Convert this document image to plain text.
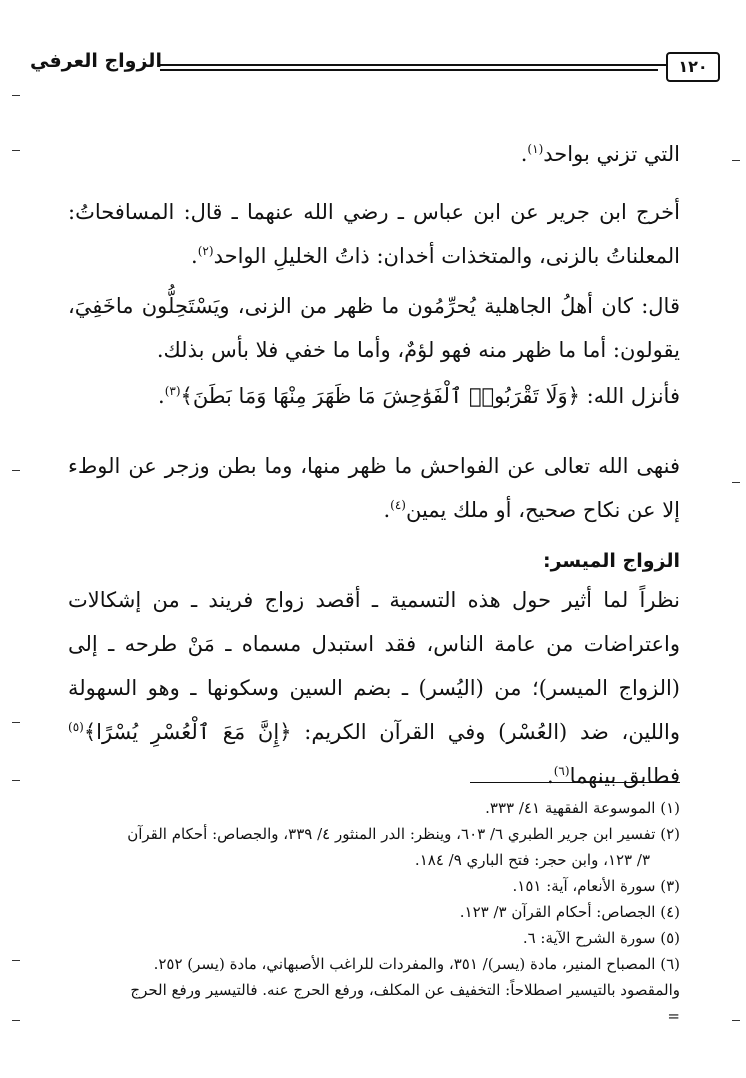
١٢٠
الزواج العرفي

التي تزني بواحد$^{(١)}$.

أخرج ابن جرير عن ابن عباس ـ رضي الله عنهما ـ قال: المسافحاتُ: المعلناتُ بالزنى، والمتخذات أخدان: ذاتُ الخليلِ الواحد$^{(٢)}$.

قال: كان أهلُ الجاهلية يُحرِّمُون ما ظهر من الزنى، ويَسْتَحِلُّون ماخَفِيَ، يقولون: أما ما ظهر منه فهو لؤمٌ، وأما ما خفي فلا بأس بذلك.

فأنزل الله: ﴿وَلَا تَقْرَبُوا۟ ٱلْفَوَٰحِشَ مَا ظَهَرَ مِنْهَا وَمَا بَطَنَ﴾$^{(٣)}$.

فنهى الله تعالى عن الفواحش ما ظهر منها، وما بطن وزجر عن الوطء إلا عن نكاح صحيح، أو ملك يمين$^{(٤)}$.

الزواج الميسر:

نظراً لما أثير حول هذه التسمية ـ أقصد زواج فريند ـ من إشكالات واعتراضات من عامة الناس، فقد استبدل مسماه ـ مَنْ طرحه ـ إلى (الزواج الميسر)؛ من (اليُسر) ـ بضم السين وسكونها ـ وهو السهولة واللين، ضد (العُسْر) وفي القرآن الكريم: ﴿إِنَّ مَعَ ٱلْعُسْرِ يُسْرًا﴾$^{(٥)}$ فطابق بينهما$^{(٦)}$.

(١) الموسوعة الفقهية ٤١/ ٣٣٣.

(٢) تفسير ابن جرير الطبري ٦/ ٦٠٣، وينظر: الدر المنثور ٤/ ٣٣٩، والجصاص: أحكام القرآن

٣/ ١٢٣، وابن حجر: فتح الباري ٩/ ١٨٤.

(٣) سورة الأنعام، آية: ١٥١.

(٤) الجصاص: أحكام القرآن ٣/ ١٢٣.

(٥) سورة الشرح الآية: ٦.

(٦) المصباح المنير، مادة (يسر)/ ٣٥١، والمفردات للراغب الأصبهاني، مادة (يسر) ٢٥٢.

والمقصود بالتيسير اصطلاحاً: التخفيف عن المكلف، ورفع الحرج عنه. فالتيسير ورفع الحرج

=
